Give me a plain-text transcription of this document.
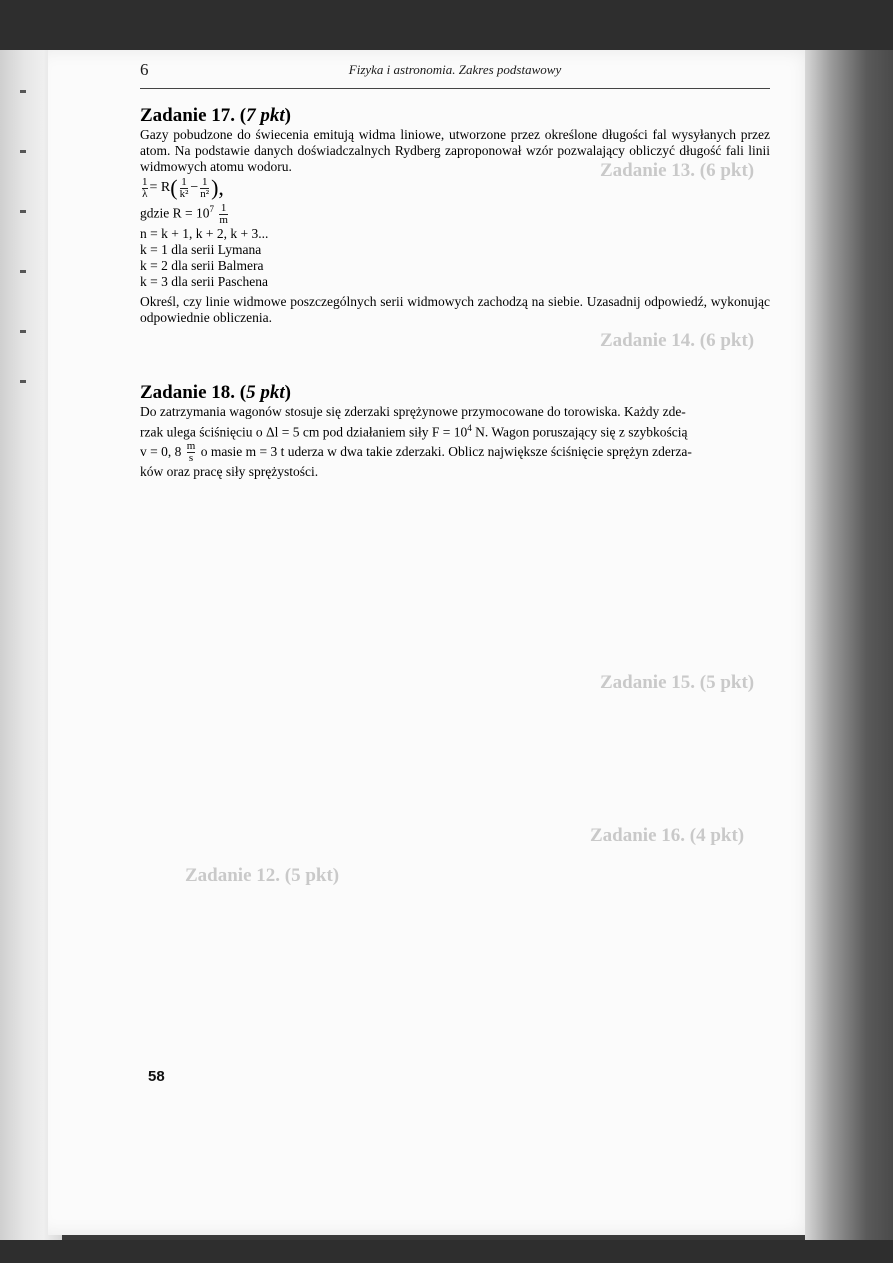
Zadanie 13. (6 pkt)
Zadanie 14. (6 pkt)
Zadanie 15. (5 pkt)
Zadanie 16. (4 pkt)
Zadanie 12. (5 pkt)
6	Fizyka i astronomia. Zakres podstawowy
Zadanie 17. (7 pkt)

Gazy pobudzone do świecenia emitują widma liniowe, utworzone przez określone długości fal wysyłanych przez atom. Na podstawie danych doświadczalnych Rydberg zaproponował wzór pozwalający obliczyć długość fali linii widmowych atomu wodoru.

$\frac{1}{\lambda} = R$ ( $\frac{1}{\text{k²}} - \frac{1}{\text{n²}}$ ),
gdzie $R = 10^7 \frac{1}{m}$
n = k + 1, k + 2, k + 3...
k = 1 dla serii Lymana
k = 2 dla serii Balmera
k = 3 dla serii Paschena

Określ, czy linie widmowe poszczególnych serii widmowych zachodzą na siebie. Uzasadnij odpowiedź, wykonując odpowiednie obliczenia.

Zadanie 18. (5 pkt)
Do zatrzymania wagonów stosuje się zderzaki sprężynowe przymocowane do torowiska. Każdy zde-
rzak ulega ściśnięciu o Δl = 5 cm pod działaniem siły $F = 10^4$ N. Wagon poruszający się z szybkością
v = 0, $8 \frac{m}{s}$ o masie m = 3 t uderza w dwa takie zderzaki. Oblicz największe ściśnięcie sprężyn zderza-
ków oraz pracę siły sprężystości.
58
